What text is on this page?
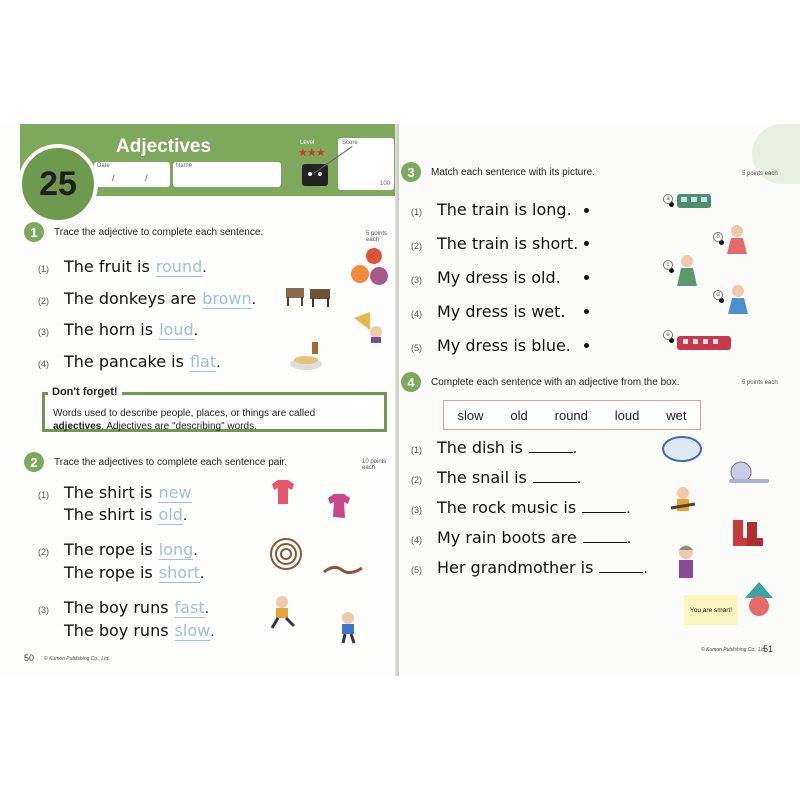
Adjectives
Date
/ /
Name
Level
★★★
Score
100
25
1	Trace the adjective to complete each sentence.	5 points each
(1) The fruit is round .
(2) The donkeys are brown .
(3) The horn is loud .
(4) The pancake is flat .
Words used to describe people, places, or things are called
adjectives. Adjectives are "describing" words.
Don't forget!
2	Trace the adjectives to complete each sentence pair.	10 points each
(1) The shirt is new
The shirt is old .
(2) The rope is long .
The rope is short .
(3) The boy runs fast .
The boy runs slow .
50 © Kumon Publishing Co., Ltd.
3	Match each sentence with its picture.	5 points each
(1) The train is long.
(2) The train is short.
(3) My dress is old.
(4) My dress is wet.
(5) My dress is blue.
a
b
c
d
e
4	Complete each sentence with an adjective from the box.	5 points each
(1) The dish is	.
(2) The snail is	.
(3) The rock music is	.
(4) My rain boots are	.
(5) Her grandmother is	.
51
© Kumon Publishing Co., Ltd.
slow old round loud wet
You are smart!
